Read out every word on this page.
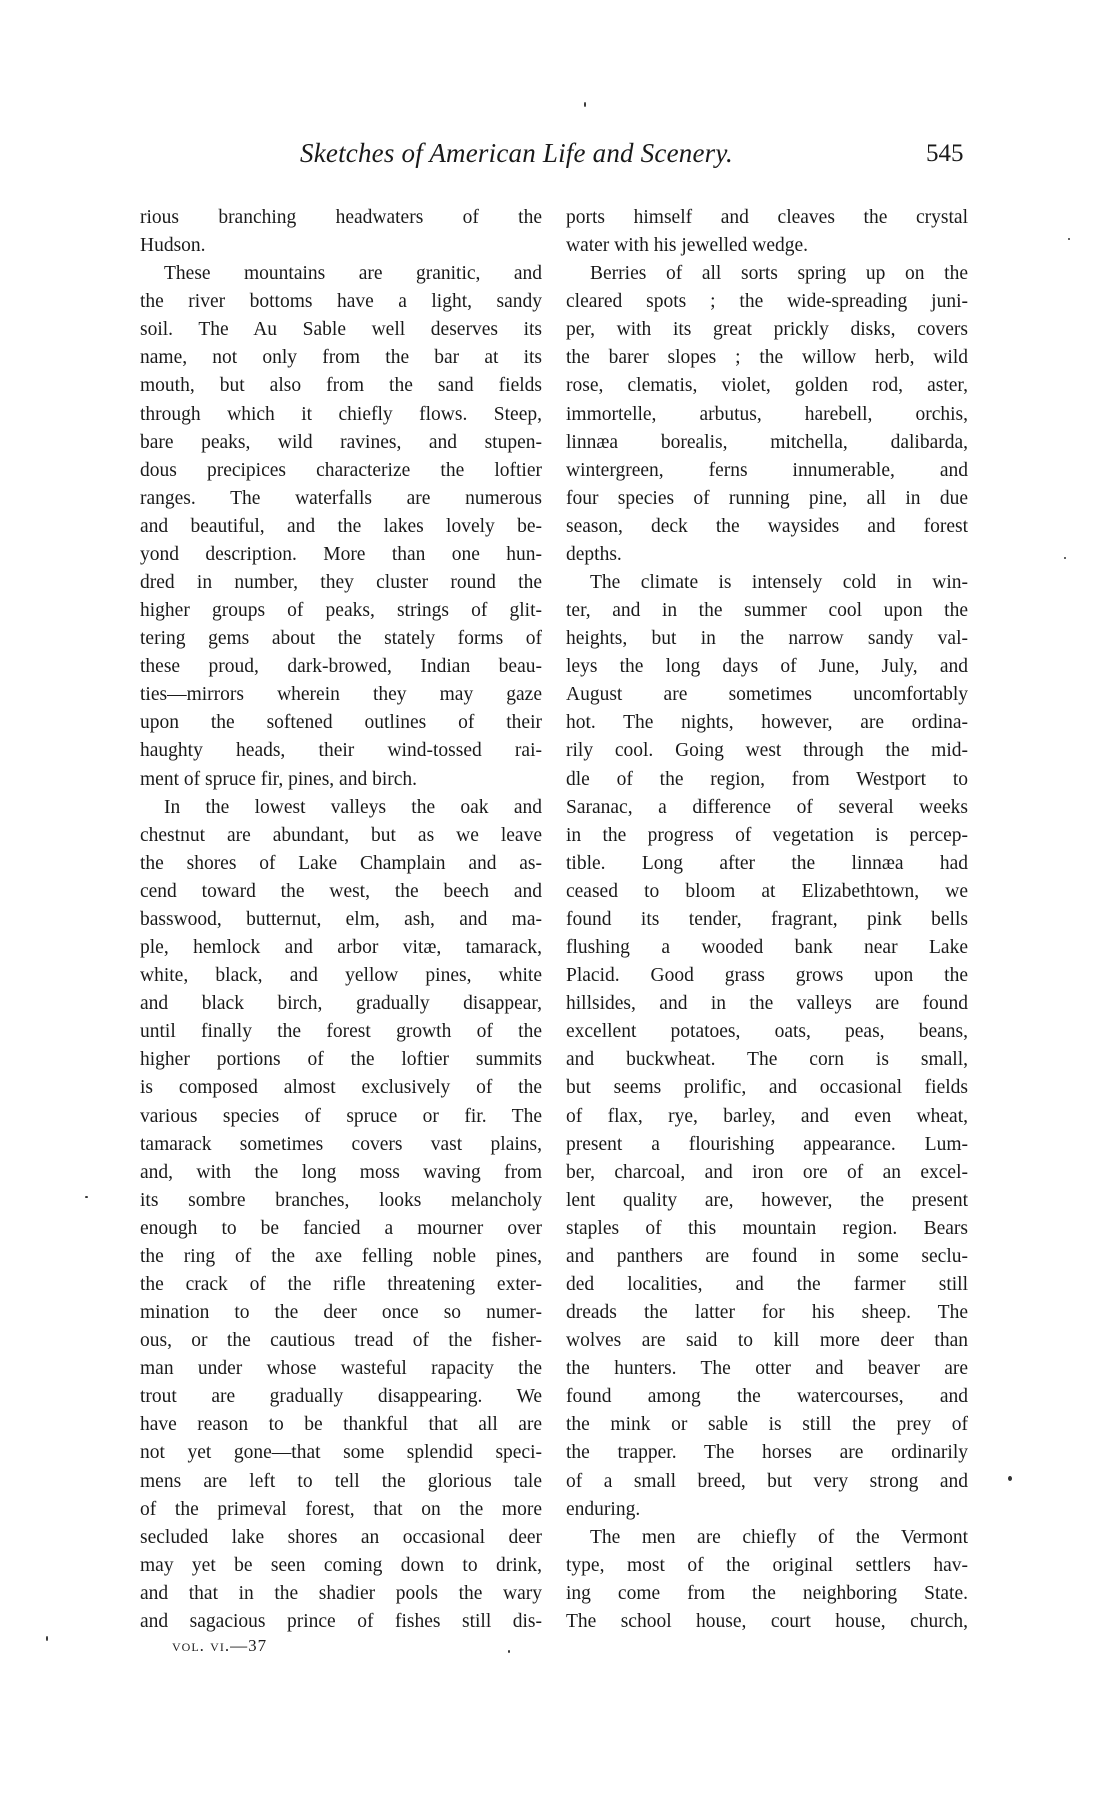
Sketches of American Life and Scenery.	545
rious branching headwaters of the
Hudson.
These mountains are granitic, and
the river bottoms have a light, sandy
soil. The Au Sable well deserves its
name, not only from the bar at its
mouth, but also from the sand fields
through which it chiefly flows. Steep,
bare peaks, wild ravines, and stupen-
dous precipices characterize the loftier
ranges. The waterfalls are numerous
and beautiful, and the lakes lovely be-
yond description. More than one hun-
dred in number, they cluster round the
higher groups of peaks, strings of glit-
tering gems about the stately forms of
these proud, dark-browed, Indian beau-
ties—mirrors wherein they may gaze
upon the softened outlines of their
haughty heads, their wind-tossed rai-
ment of spruce fir, pines, and birch.
In the lowest valleys the oak and
chestnut are abundant, but as we leave
the shores of Lake Champlain and as-
cend toward the west, the beech and
basswood, butternut, elm, ash, and ma-
ple, hemlock and arbor vitæ, tamarack,
white, black, and yellow pines, white
and black birch, gradually disappear,
until finally the forest growth of the
higher portions of the loftier summits
is composed almost exclusively of the
various species of spruce or fir. The
tamarack sometimes covers vast plains,
and, with the long moss waving from
its sombre branches, looks melancholy
enough to be fancied a mourner over
the ring of the axe felling noble pines,
the crack of the rifle threatening exter-
mination to the deer once so numer-
ous, or the cautious tread of the fisher-
man under whose wasteful rapacity the
trout are gradually disappearing. We
have reason to be thankful that all are
not yet gone—that some splendid speci-
mens are left to tell the glorious tale
of the primeval forest, that on the more
secluded lake shores an occasional deer
may yet be seen coming down to drink,
and that in the shadier pools the wary
and sagacious prince of fishes still dis-
ports himself and cleaves the crystal
water with his jewelled wedge.
Berries of all sorts spring up on the
cleared spots ; the wide-spreading juni-
per, with its great prickly disks, covers
the barer slopes ; the willow herb, wild
rose, clematis, violet, golden rod, aster,
immortelle, arbutus, harebell, orchis,
linnæa borealis, mitchella, dalibarda,
wintergreen, ferns innumerable, and
four species of running pine, all in due
season, deck the waysides and forest
depths.
The climate is intensely cold in win-
ter, and in the summer cool upon the
heights, but in the narrow sandy val-
leys the long days of June, July, and
August are sometimes uncomfortably
hot. The nights, however, are ordina-
rily cool. Going west through the mid-
dle of the region, from Westport to
Saranac, a difference of several weeks
in the progress of vegetation is percep-
tible. Long after the linnæa had
ceased to bloom at Elizabethtown, we
found its tender, fragrant, pink bells
flushing a wooded bank near Lake
Placid. Good grass grows upon the
hillsides, and in the valleys are found
excellent potatoes, oats, peas, beans,
and buckwheat. The corn is small,
but seems prolific, and occasional fields
of flax, rye, barley, and even wheat,
present a flourishing appearance. Lum-
ber, charcoal, and iron ore of an excel-
lent quality are, however, the present
staples of this mountain region. Bears
and panthers are found in some seclu-
ded localities, and the farmer still
dreads the latter for his sheep. The
wolves are said to kill more deer than
the hunters. The otter and beaver are
found among the watercourses, and
the mink or sable is still the prey of
the trapper. The horses are ordinarily
of a small breed, but very strong and
enduring.
The men are chiefly of the Vermont
type, most of the original settlers hav-
ing come from the neighboring State.
The school house, court house, church,
vol. vi.—37
